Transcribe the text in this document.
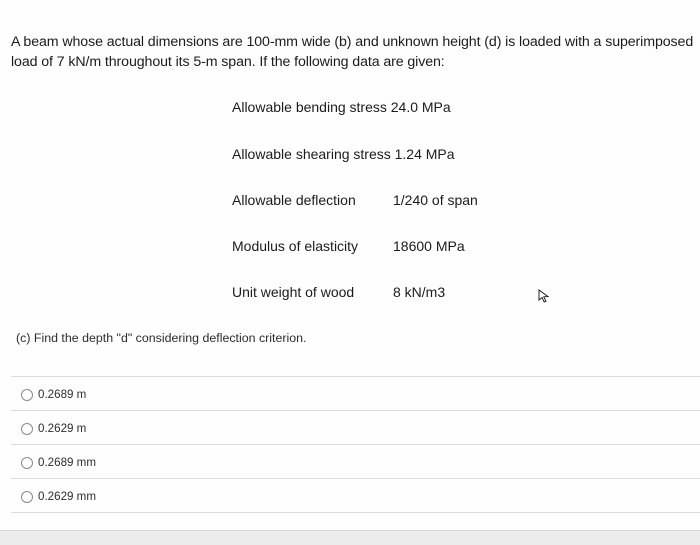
A beam whose actual dimensions are 100-mm wide (b) and unknown height (d) is loaded with a superimposed

load of 7 kN/m throughout its 5-m span. If the following data are given:

Allowable bending stress 24.0 MPa
Allowable shearing stress 1.24 MPa
Allowable deflection	1/240 of span
Modulus of elasticity 18600 MPa
Unit weight of wood	8 kN/m3
(c) Find the depth "d" considering deflection criterion.
0.2689 m
0.2629 m
0.2689 mm
0.2629 mm
